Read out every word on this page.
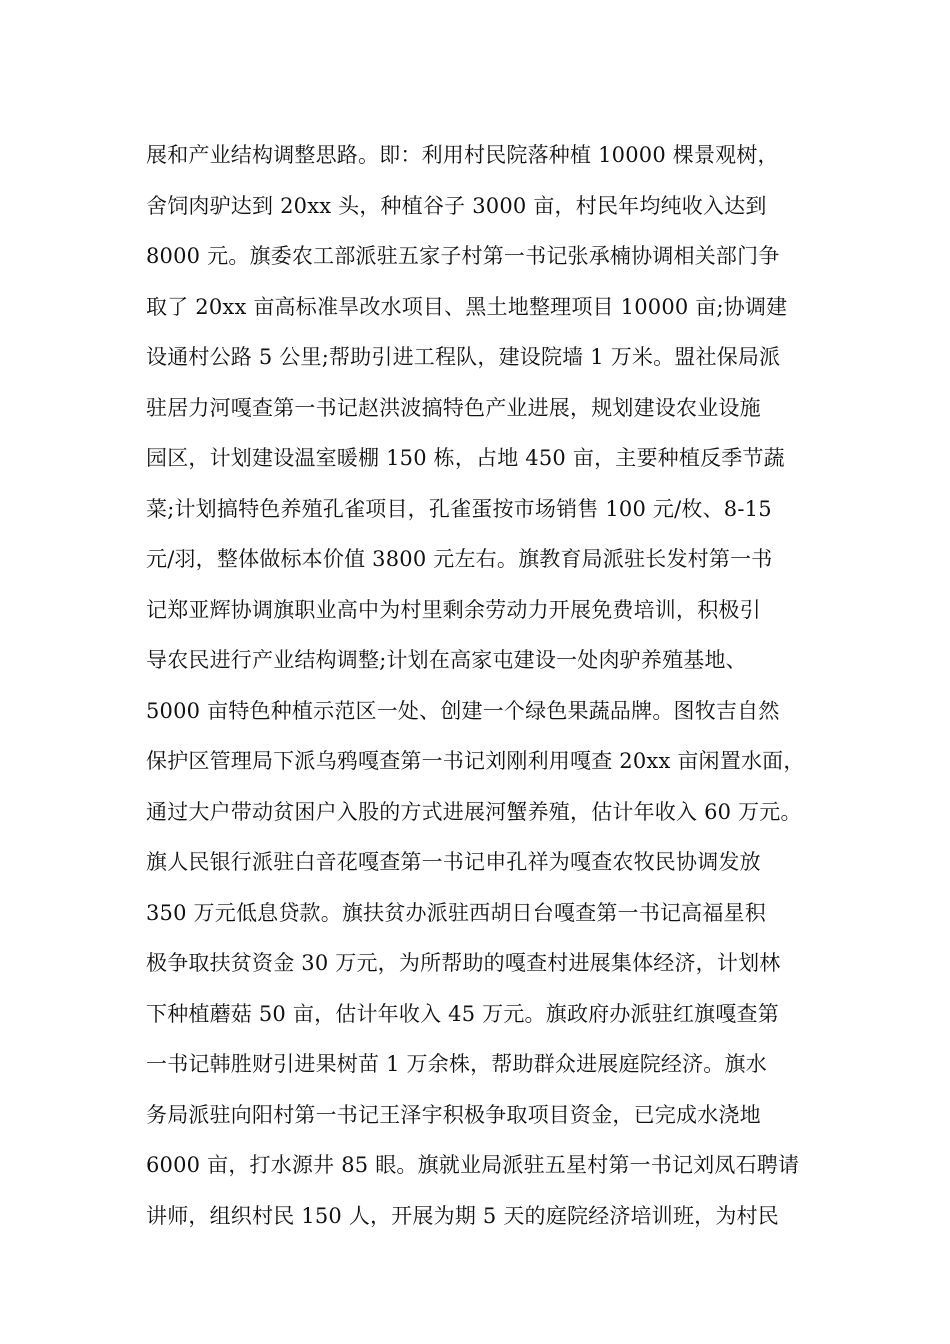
展和产业结构调整思路。即：利用村民院落种植 10000 棵景观树，
舍饲肉驴达到 20xx 头，种植谷子 3000 亩，村民年均纯收入达到
8000 元。旗委农工部派驻五家子村第一书记张承楠协调相关部门争
取了 20xx 亩高标准旱改水项目、黑土地整理项目 10000 亩;协调建
设通村公路 5 公里;帮助引进工程队，建设院墙 1 万米。盟社保局派
驻居力河嘎查第一书记赵洪波搞特色产业进展，规划建设农业设施
园区，计划建设温室暖棚 150 栋，占地 450 亩，主要种植反季节蔬
菜;计划搞特色养殖孔雀项目，孔雀蛋按市场销售 100 元/枚、8-15
元/羽，整体做标本价值 3800 元左右。旗教育局派驻长发村第一书
记郑亚辉协调旗职业高中为村里剩余劳动力开展免费培训，积极引
导农民进行产业结构调整;计划在高家屯建设一处肉驴养殖基地、
5000 亩特色种植示范区一处、创建一个绿色果蔬品牌。图牧吉自然
保护区管理局下派乌鸦嘎查第一书记刘刚利用嘎查 20xx 亩闲置水面，
通过大户带动贫困户入股的方式进展河蟹养殖，估计年收入 60 万元。
旗人民银行派驻白音花嘎查第一书记申孔祥为嘎查农牧民协调发放
350 万元低息贷款。旗扶贫办派驻西胡日台嘎查第一书记高福星积
极争取扶贫资金 30 万元，为所帮助的嘎查村进展集体经济，计划林
下种植蘑菇 50 亩，估计年收入 45 万元。旗政府办派驻红旗嘎查第
一书记韩胜财引进果树苗 1 万余株，帮助群众进展庭院经济。旗水
务局派驻向阳村第一书记王泽宇积极争取项目资金，已完成水浇地
6000 亩，打水源井 85 眼。旗就业局派驻五星村第一书记刘凤石聘请
讲师，组织村民 150 人，开展为期 5 天的庭院经济培训班，为村民
